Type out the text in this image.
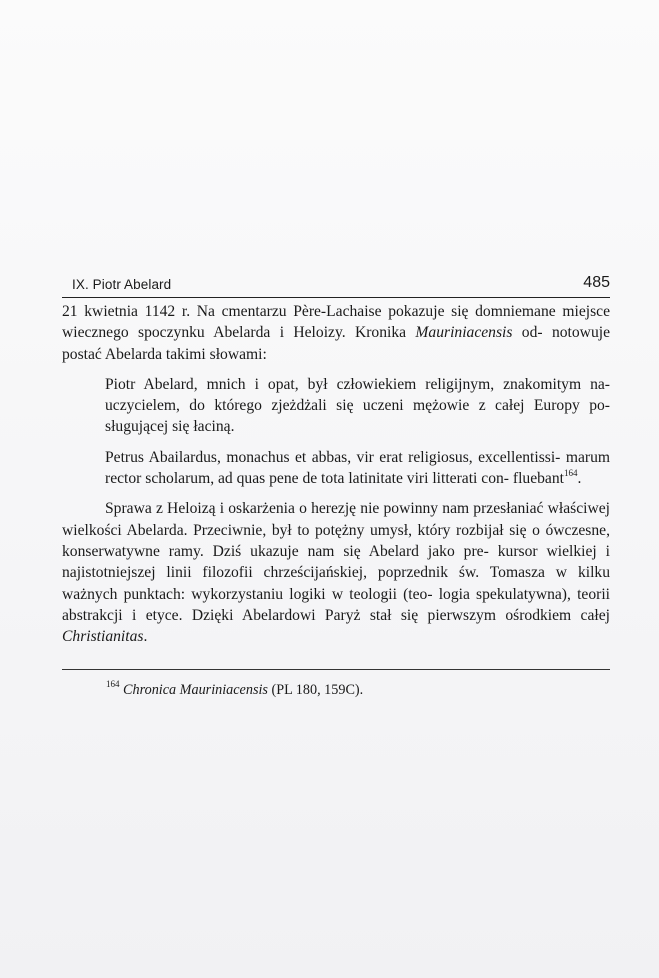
IX. Piotr Abelard	485

21 kwietnia 1142 r. Na cmentarzu Père-Lachaise pokazuje się domniemane miejsce wiecznego spoczynku Abelarda i Heloizy. Kronika Mauriniacensis od- notowuje postać Abelarda takimi słowami:

Piotr Abelard, mnich i opat, był człowiekiem religijnym, znakomitym na- uczycielem, do którego zjeżdżali się uczeni mężowie z całej Europy po- sługującej się łaciną.

Petrus Abailardus, monachus et abbas, vir erat religiosus, excellentissi- marum rector scholarum, ad quas pene de tota latinitate viri litterati con- fluebant$^{164}$.

Sprawa z Heloizą i oskarżenia o herezję nie powinny nam przesłaniać właściwej wielkości Abelarda. Przeciwnie, był to potężny umysł, który rozbijał się o ówczesne, konserwatywne ramy. Dziś ukazuje nam się Abelard jako pre- kursor wielkiej i najistotniejszej linii filozofii chrześcijańskiej, poprzednik św. Tomasza w kilku ważnych punktach: wykorzystaniu logiki w teologii (teo- logia spekulatywna), teorii abstrakcji i etyce. Dzięki Abelardowi Paryż stał się pierwszym ośrodkiem całej Christianitas.

$^{164}$ Chronica Mauriniacensis (PL 180, 159C).
